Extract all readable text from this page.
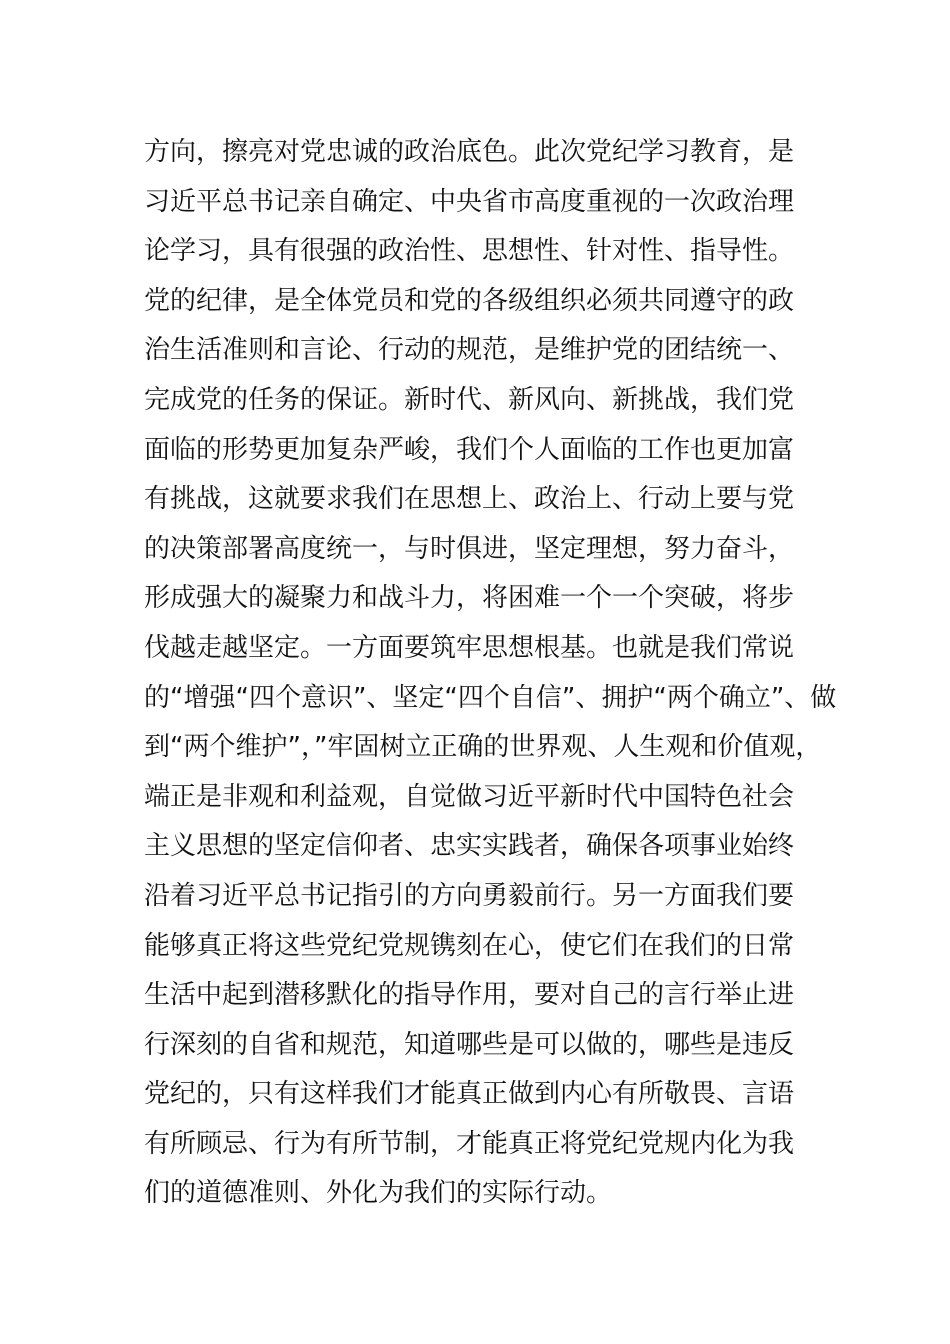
方向，擦亮对党忠诚的政治底色。此次党纪学习教育，是
习近平总书记亲自确定、中央省市高度重视的一次政治理
论学习，具有很强的政治性、思想性、针对性、指导性。
党的纪律，是全体党员和党的各级组织必须共同遵守的政
治生活准则和言论、行动的规范，是维护党的团结统一、
完成党的任务的保证。新时代、新风向、新挑战，我们党
面临的形势更加复杂严峻，我们个人面临的工作也更加富
有挑战，这就要求我们在思想上、政治上、行动上要与党
的决策部署高度统一，与时俱进，坚定理想，努力奋斗，
形成强大的凝聚力和战斗力，将困难一个一个突破，将步
伐越走越坚定。一方面要筑牢思想根基。也就是我们常说
的“增强“四个意识”、坚定“四个自信”、拥护“两个确立”、做
到“两个维护”，”牢固树立正确的世界观、人生观和价值观，
端正是非观和利益观，自觉做习近平新时代中国特色社会
主义思想的坚定信仰者、忠实实践者，确保各项事业始终
沿着习近平总书记指引的方向勇毅前行。另一方面我们要
能够真正将这些党纪党规镌刻在心，使它们在我们的日常
生活中起到潜移默化的指导作用，要对自己的言行举止进
行深刻的自省和规范，知道哪些是可以做的，哪些是违反
党纪的，只有这样我们才能真正做到内心有所敬畏、言语
有所顾忌、行为有所节制，才能真正将党纪党规内化为我
们的道德准则、外化为我们的实际行动。
